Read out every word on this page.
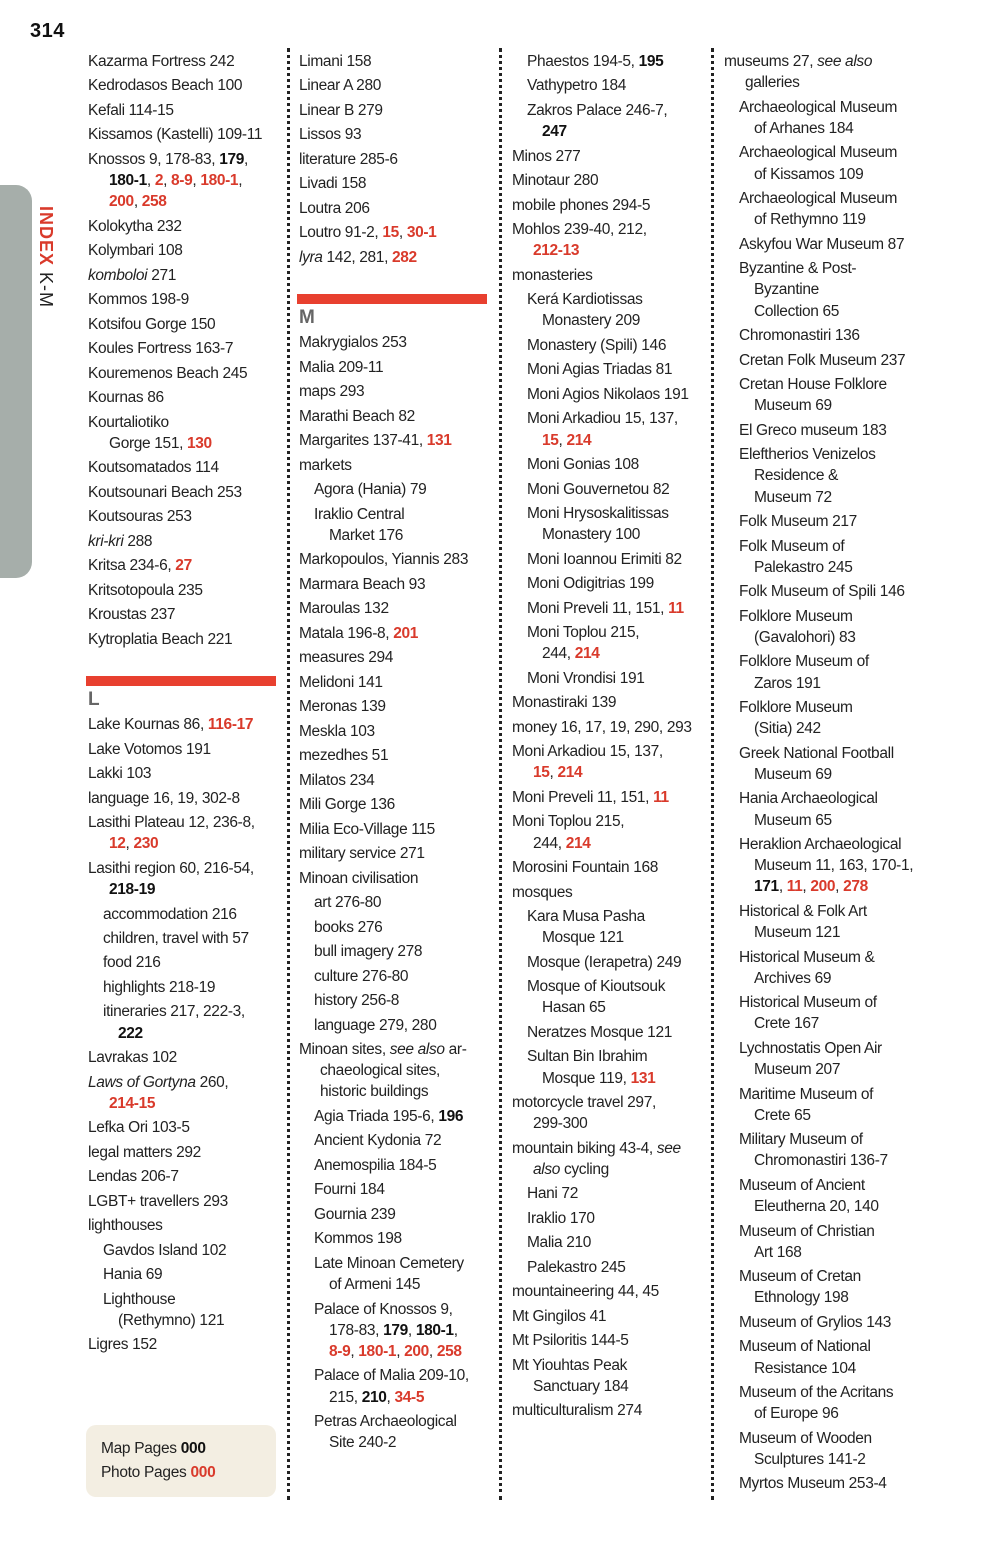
314
INDEXK-M
Kazarma Fortress 242
Kedrodasos Beach 100
Kefali 114-15
Kissamos (Kastelli) 109-11
Knossos 9, 178-83, 179,
180-1, 2, 8-9, 180-1,
200, 258
Kolokytha 232
Kolymbari 108
komboloi 271
Kommos 198-9
Kotsifou Gorge 150
Koules Fortress 163-7
Kouremenos Beach 245
Kournas 86
Kourtaliotiko
Gorge 151, 130
Koutsomatados 114
Koutsounari Beach 253
Koutsouras 253
kri-kri 288
Kritsa 234-6, 27
Kritsotopoula 235
Kroustas 237
Kytroplatia Beach 221
L
Lake Kournas 86, 116-17
Lake Votomos 191
Lakki 103
language 16, 19, 302-8
Lasithi Plateau 12, 236-8,
12, 230
Lasithi region 60, 216-54,
218-19
accommodation 216
children, travel with 57
food 216
highlights 218-19
itineraries 217, 222-3,
222
Lavrakas 102
Laws of Gortyna 260,
214-15
Lefka Ori 103-5
legal matters 292
Lendas 206-7
LGBT+ travellers 293
lighthouses
Gavdos Island 102
Hania 69
Lighthouse
(Rethymno) 121
Ligres 152
Limani 158
Linear A 280
Linear B 279
Lissos 93
literature 285-6
Livadi 158
Loutra 206
Loutro 91-2, 15, 30-1
lyra 142, 281, 282
M
Makrygialos 253
Malia 209-11
maps 293
Marathi Beach 82
Margarites 137-41, 131
markets
Agora (Hania) 79
Iraklio Central
Market 176
Markopoulos, Yiannis 283
Marmara Beach 93
Maroulas 132
Matala 196-8, 201
measures 294
Melidoni 141
Meronas 139
Meskla 103
mezedhes 51
Milatos 234
Mili Gorge 136
Milia Eco-Village 115
military service 271
Minoan civilisation
art 276-80
books 276
bull imagery 278
culture 276-80
history 256-8
language 279, 280
Minoan sites, see also ar-
chaeological sites,
historic buildings
Agia Triada 195-6, 196
Ancient Kydonia 72
Anemospilia 184-5
Fourni 184
Gournia 239
Kommos 198
Late Minoan Cemetery
of Armeni 145
Palace of Knossos 9,
178-83, 179, 180-1,
8-9, 180-1, 200, 258
Palace of Malia 209-10,
215, 210, 34-5
Petras Archaeological
Site 240-2
Phaestos 194-5, 195
Vathypetro 184
Zakros Palace 246-7,
247
Minos 277
Minotaur 280
mobile phones 294-5
Mohlos 239-40, 212,
212-13
monasteries
Kerá Kardiotissas
Monastery 209
Monastery (Spili) 146
Moni Agias Triadas 81
Moni Agios Nikolaos 191
Moni Arkadiou 15, 137,
15, 214
Moni Gonias 108
Moni Gouvernetou 82
Moni Hrysoskalitissas
Monastery 100
Moni Ioannou Erimiti 82
Moni Odigitrias 199
Moni Preveli 11, 151, 11
Moni Toplou 215,
244, 214
Moni Vrondisi 191
Monastiraki 139
money 16, 17, 19, 290, 293
Moni Arkadiou 15, 137,
15, 214
Moni Preveli 11, 151, 11
Moni Toplou 215,
244, 214
Morosini Fountain 168
mosques
Kara Musa Pasha
Mosque 121
Mosque (Ierapetra) 249
Mosque of Kioutsouk
Hasan 65
Neratzes Mosque 121
Sultan Bin Ibrahim
Mosque 119, 131
motorcycle travel 297,
299-300
mountain biking 43-4, see
also cycling
Hani 72
Iraklio 170
Malia 210
Palekastro 245
mountaineering 44, 45
Mt Gingilos 41
Mt Psiloritis 144-5
Mt Yiouhtas Peak
Sanctuary 184
multiculturalism 274
museums 27, see also
galleries
Archaeological Museum
of Arhanes 184
Archaeological Museum
of Kissamos 109
Archaeological Museum
of Rethymno 119
Askyfou War Museum 87
Byzantine & Post-
Byzantine
Collection 65
Chromonastiri 136
Cretan Folk Museum 237
Cretan House Folklore
Museum 69
El Greco museum 183
Eleftherios Venizelos
Residence &
Museum 72
Folk Museum 217
Folk Museum of
Palekastro 245
Folk Museum of Spili 146
Folklore Museum
(Gavalohori) 83
Folklore Museum of
Zaros 191
Folklore Museum
(Sitia) 242
Greek National Football
Museum 69
Hania Archaeological
Museum 65
Heraklion Archaeological
Museum 11, 163, 170-1,
171, 11, 200, 278
Historical & Folk Art
Museum 121
Historical Museum &
Archives 69
Historical Museum of
Crete 167
Lychnostatis Open Air
Museum 207
Maritime Museum of
Crete 65
Military Museum of
Chromonastiri 136-7
Museum of Ancient
Eleutherna 20, 140
Museum of Christian
Art 168
Museum of Cretan
Ethnology 198
Museum of Grylios 143
Museum of National
Resistance 104
Museum of the Acritans
of Europe 96
Museum of Wooden
Sculptures 141-2
Myrtos Museum 253-4
Map Pages 000
Photo Pages 000
